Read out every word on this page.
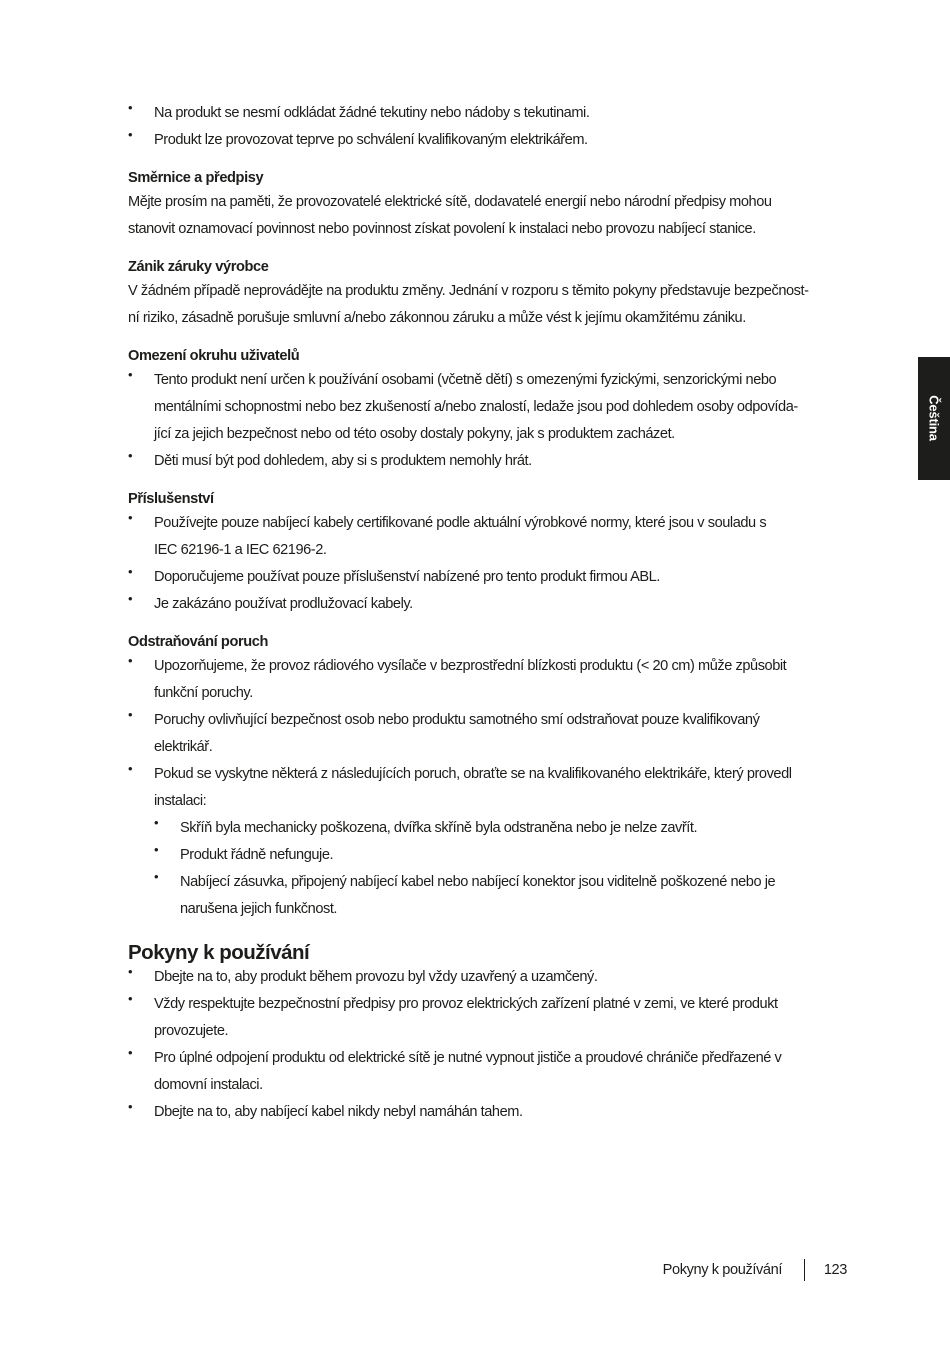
• Na produkt se nesmí odkládat žádné tekutiny nebo nádoby s tekutinami.
• Produkt lze provozovat teprve po schválení kvalifikovaným elektrikářem.
Směrnice a předpisy
Mějte prosím na paměti, že provozovatelé elektrické sítě, dodavatelé energií nebo národní předpisy mohou
stanovit oznamovací povinnost nebo povinnost získat povolení k instalaci nebo provozu nabíjecí stanice.
Zánik záruky výrobce
V žádném případě neprovádějte na produktu změny. Jednání v rozporu s těmito pokyny představuje bezpečnost-
ní riziko, zásadně porušuje smluvní a/nebo zákonnou záruku a může vést k jejímu okamžitému zániku.
Omezení okruhu uživatelů
• Tento produkt není určen k používání osobami (včetně dětí) s omezenými fyzickými, senzorickými nebo
mentálními schopnostmi nebo bez zkušeností a/nebo znalostí, ledaže jsou pod dohledem osoby odpovída-
jící za jejich bezpečnost nebo od této osoby dostaly pokyny, jak s produktem zacházet.
• Děti musí být pod dohledem, aby si s produktem nemohly hrát.
Příslušenství
• Používejte pouze nabíjecí kabely certifikované podle aktuální výrobkové normy, které jsou v souladu s
IEC 62196-1 a IEC 62196-2.
• Doporučujeme používat pouze příslušenství nabízené pro tento produkt firmou ABL.
• Je zakázáno používat prodlužovací kabely.
Odstraňování poruch
• Upozorňujeme, že provoz rádiového vysílače v bezprostřední blízkosti produktu (< 20 cm) může způsobit
funkční poruchy.
• Poruchy ovlivňující bezpečnost osob nebo produktu samotného smí odstraňovat pouze kvalifikovaný
elektrikář.
• Pokud se vyskytne některá z následujících poruch, obraťte se na kvalifikovaného elektrikáře, který provedl
instalaci:
• Skříň byla mechanicky poškozena, dvířka skříně byla odstraněna nebo je nelze zavřít.
• Produkt řádně nefunguje.
• Nabíjecí zásuvka, připojený nabíjecí kabel nebo nabíjecí konektor jsou viditelně poškozené nebo je
narušena jejich funkčnost.
Pokyny k používání
• Dbejte na to, aby produkt během provozu byl vždy uzavřený a uzamčený.
• Vždy respektujte bezpečnostní předpisy pro provoz elektrických zařízení platné v zemi, ve které produkt
provozujete.
• Pro úplné odpojení produktu od elektrické sítě je nutné vypnout jističe a proudové chrániče předřazené v
domovní instalaci.
• Dbejte na to, aby nabíjecí kabel nikdy nebyl namáhán tahem.
Čeština
Pokyny k používání	123
